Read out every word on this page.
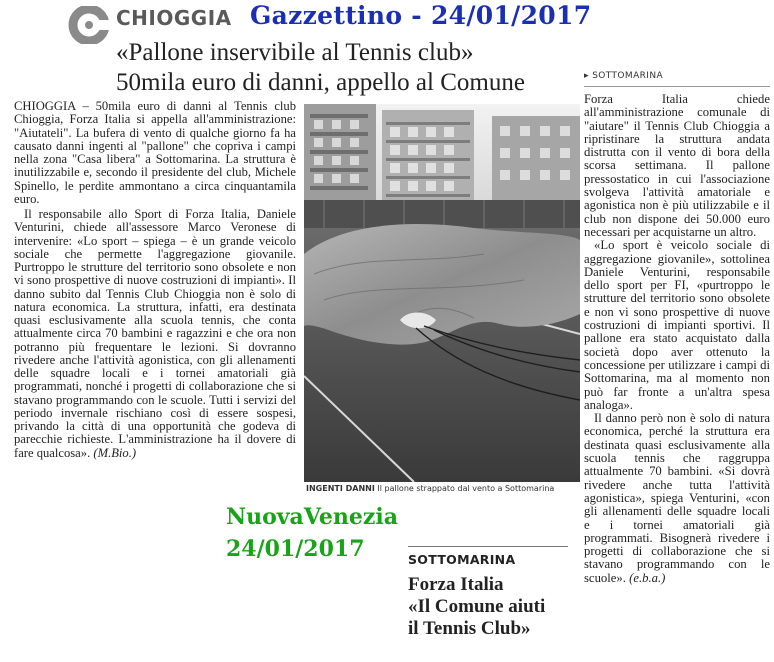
CHIOGGIA Gazzettino - 24/01/2017
«Pallone inservibile al Tennis club»
50mila euro di danni, appello al Comune

CHIOGGIA – 50mila euro di danni al Tennis club Chioggia, Forza Italia si appella all'amministrazione: "Aiutateli". La bufera di vento di qualche giorno fa ha causato danni ingenti al "pallone" che copriva i campi nella zona "Casa libera" a Sottomarina. La struttura è inutilizzabile e, secondo il presidente del club, Michele Spinello, le perdite ammontano a circa cinquantamila euro.

Il responsabile allo Sport di Forza Italia, Daniele Venturini, chiede all'assessore Marco Veronese di intervenire: «Lo sport – spiega – è un grande veicolo sociale che permette l'aggregazione giovanile. Purtroppo le strutture del territorio sono obsolete e non vi sono prospettive di nuove costruzioni di impianti». Il danno subito dal Tennis Club Chioggia non è solo di natura economica. La struttura, infatti, era destinata quasi esclusivamente alla scuola tennis, che conta attualmente circa 70 bambini e ragazzini e che ora non potranno più frequentare le lezioni. Si dovranno rivedere anche l'attività agonistica, con gli allenamenti delle squadre locali e i tornei amatoriali già programmati, nonché i progetti di collaborazione che si stavano programmando con le scuole. Tutti i servizi del periodo invernale rischiano così di essere sospesi, privando la città di una opportunità che godeva di parecchie richieste. L'amministrazione ha il dovere di fare qualcosa». (M.Bio.)

INGENTI DANNI Il pallone strappato dal vento a Sottomarina
NuovaVenezia
24/01/2017	SOTTOMARINA
Forza Italia
«Il Comune aiuti
il Tennis Club»
▸ SOTTOMARINA

Forza Italia chiede all'amministrazione comunale di "aiutare" il Tennis Club Chioggia a ripristinare la struttura andata distrutta con il vento di bora della scorsa settimana. Il pallone pressostatico in cui l'associazione svolgeva l'attività amatoriale e agonistica non è più utilizzabile e il club non dispone dei 50.000 euro necessari per acquistarne un altro.

«Lo sport è veicolo sociale di aggregazione giovanile», sottolinea Daniele Venturini, responsabile dello sport per FI, «purtroppo le strutture del territorio sono obsolete e non vi sono prospettive di nuove costruzioni di impianti sportivi. Il pallone era stato acquistato dalla società dopo aver ottenuto la concessione per utilizzare i campi di Sottomarina, ma al momento non può far fronte a un'altra spesa analoga».

Il danno però non è solo di natura economica, perché la struttura era destinata quasi esclusivamente alla scuola tennis che raggruppa attualmente 70 bambini. «Si dovrà rivedere anche tutta l'attività agonistica», spiega Venturini, «con gli allenamenti delle squadre locali e i tornei amatoriali già programmati. Bisognerà rivedere i progetti di collaborazione che si stavano programmando con le scuole». (e.b.a.)
